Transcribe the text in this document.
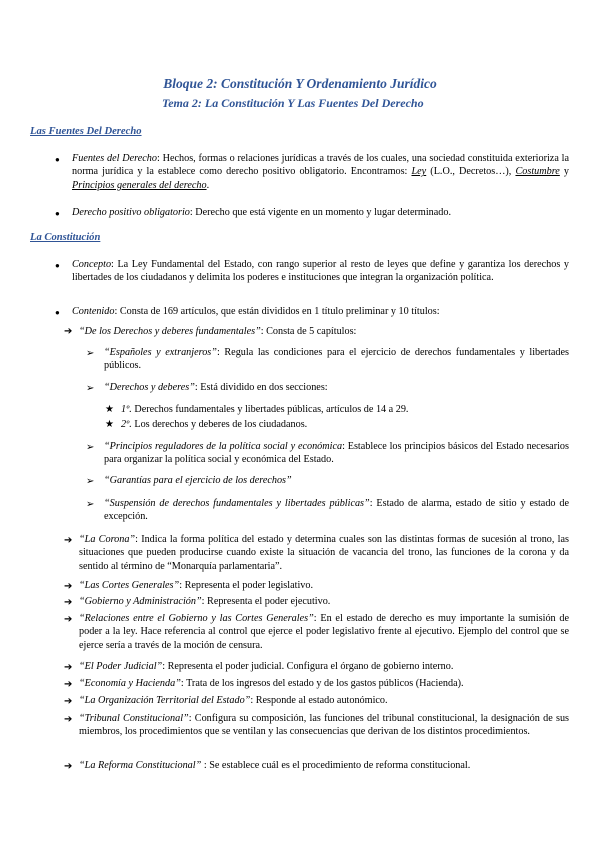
Bloque 2: Constitución Y Ordenamiento Jurídico
Tema 2: La Constitución Y Las Fuentes Del Derecho
Las Fuentes Del Derecho
● Fuentes del Derecho: Hechos, formas o relaciones jurídicas a través de los cuales, una sociedad constituida exterioriza la norma jurídica y la establece como derecho positivo obligatorio. Encontramos: Ley (L.O., Decretos…), Costumbre y Principios generales del derecho.
● Derecho positivo obligatorio: Derecho que está vigente en un momento y lugar determinado.
La Constitución
● Concepto: La Ley Fundamental del Estado, con rango superior al resto de leyes que define y garantiza los derechos y libertades de los ciudadanos y delimita los poderes e instituciones que integran la organización política.
● Contenido: Consta de 169 artículos, que están divididos en 1 título preliminar y 10 títulos:
➔ “De los Derechos y deberes fundamentales”: Consta de 5 capítulos:
➢ “Españoles y extranjeros”: Regula las condiciones para el ejercicio de derechos fundamentales y libertades públicos.
➢ “Derechos y deberes”: Está dividido en dos secciones:
★ 1º. Derechos fundamentales y libertades públicas, artículos de 14 a 29.
★ 2º. Los derechos y deberes de los ciudadanos.
➢ “Principios reguladores de la política social y económica: Establece los principios básicos del Estado necesarios para organizar la política social y económica del Estado.
➢ “Garantías para el ejercicio de los derechos”
➢ “Suspensión de derechos fundamentales y libertades públicas”: Estado de alarma, estado de sitio y estado de excepción.
➔ “La Corona”: Indica la forma política del estado y determina cuales son las distintas formas de sucesión al trono, las situaciones que pueden producirse cuando existe la situación de vacancia del trono, las funciones de la corona y da sentido al término de “Monarquía parlamentaria”.
➔ “Las Cortes Generales”: Representa el poder legislativo.
➔ “Gobierno y Administración”: Representa el poder ejecutivo.
➔ “Relaciones entre el Gobierno y las Cortes Generales”: En el estado de derecho es muy importante la sumisión de poder a la ley. Hace referencia al control que ejerce el poder legislativo frente al ejecutivo. Ejemplo del control que se ejerce sería a través de la moción de censura.
➔ “El Poder Judicial”: Representa el poder judicial. Configura el órgano de gobierno interno.
➔ “Economía y Hacienda”: Trata de los ingresos del estado y de los gastos públicos (Hacienda).
➔ “La Organización Territorial del Estado”: Responde al estado autonómico.
➔ “Tribunal Constitucional”: Configura su composición, las funciones del tribunal constitucional, la designación de sus miembros, los procedimientos que se ventilan y las consecuencias que derivan de los distintos procedimientos.
➔ “La Reforma Constitucional” : Se establece cuál es el procedimiento de reforma constitucional.
